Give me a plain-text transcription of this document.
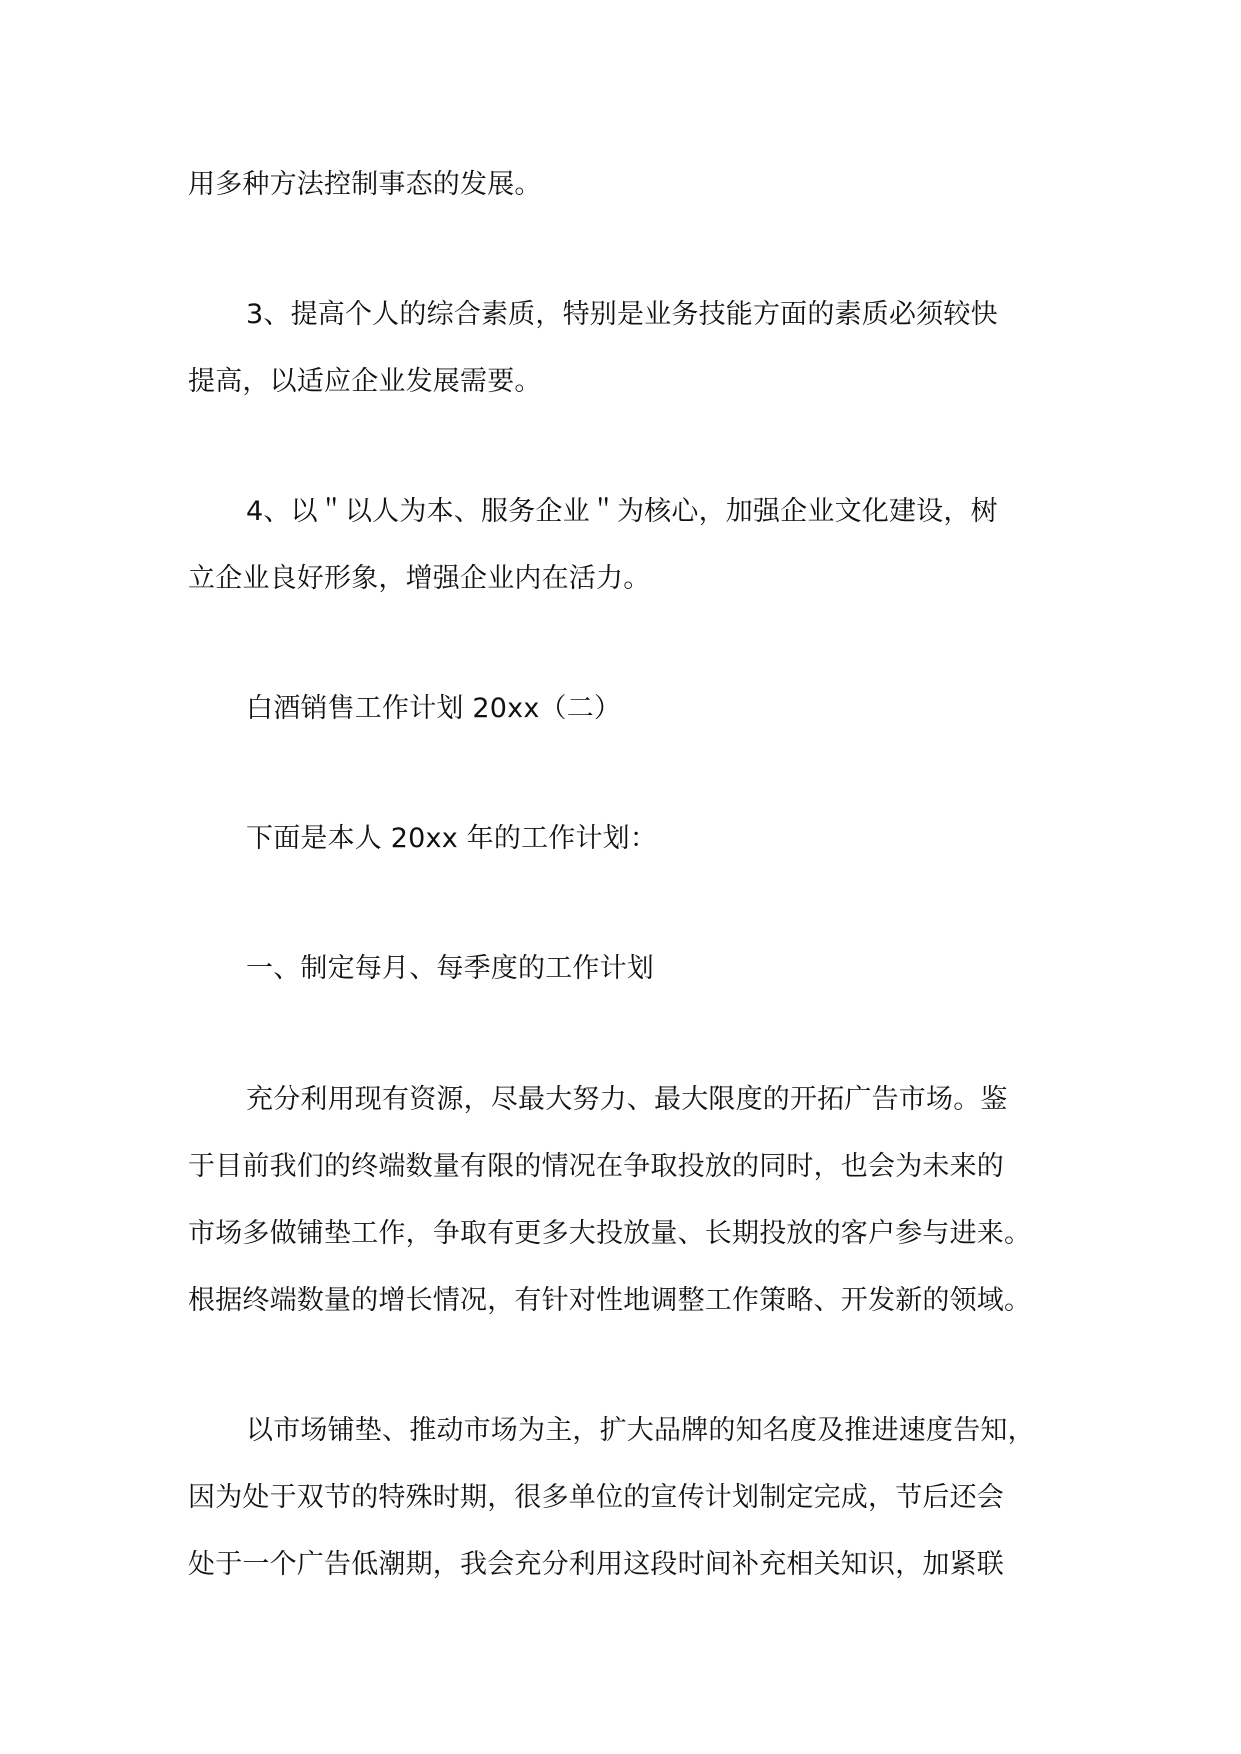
用多种方法控制事态的发展。

3、提高个人的综合素质，特别是业务技能方面的素质必须较快
提高，以适应企业发展需要。

4、以＂以人为本、服务企业＂为核心，加强企业文化建设，树
立企业良好形象，增强企业内在活力。

白酒销售工作计划 20xx（二）

下面是本人 20xx 年的工作计划：

一、制定每月、每季度的工作计划

充分利用现有资源，尽最大努力、最大限度的开拓广告市场。鉴
于目前我们的终端数量有限的情况在争取投放的同时，也会为未来的
市场多做铺垫工作，争取有更多大投放量、长期投放的客户参与进来。
根据终端数量的增长情况，有针对性地调整工作策略、开发新的领域。

以市场铺垫、推动市场为主，扩大品牌的知名度及推进速度告知，
因为处于双节的特殊时期，很多单位的宣传计划制定完成，节后还会
处于一个广告低潮期，我会充分利用这段时间补充相关知识，加紧联
